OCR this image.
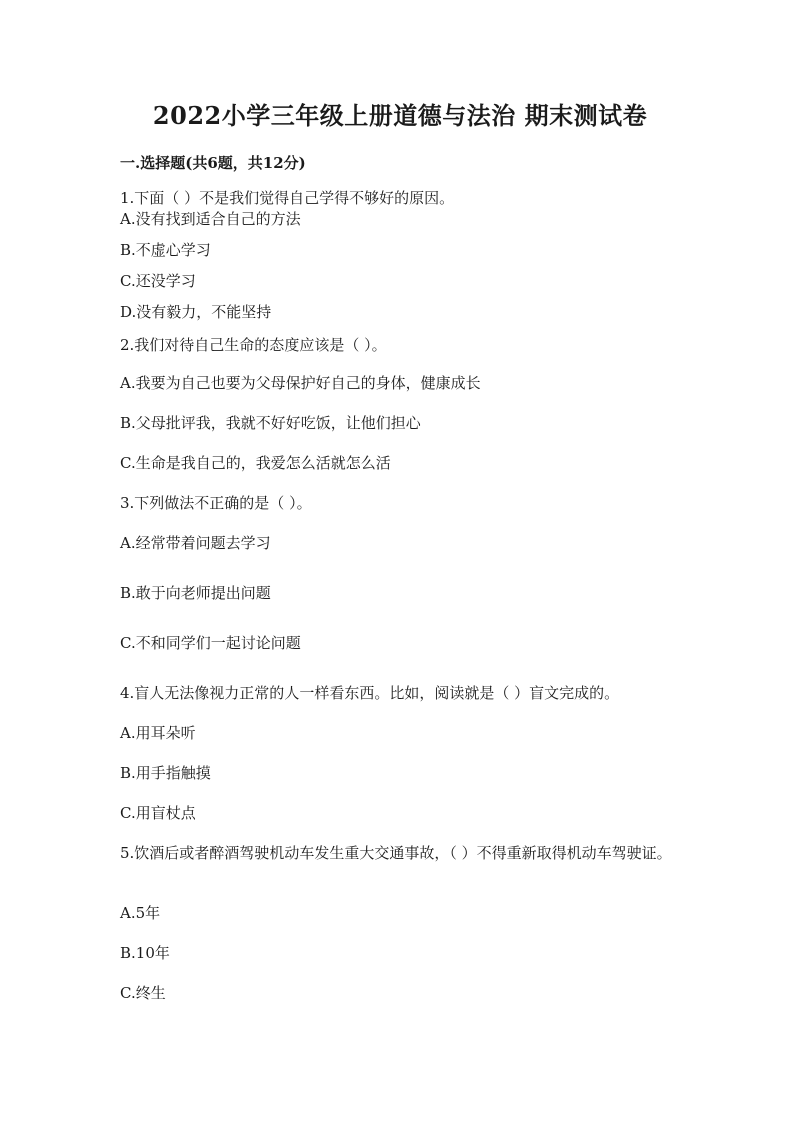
2022小学三年级上册道德与法治 期末测试卷
一.选择题(共6题，共12分)
1.下面（ ）不是我们觉得自己学得不够好的原因。
A.没有找到适合自己的方法
B.不虚心学习
C.还没学习
D.没有毅力，不能坚持
2.我们对待自己生命的态度应该是（ ）。
A.我要为自己也要为父母保护好自己的身体，健康成长
B.父母批评我，我就不好好吃饭，让他们担心
C.生命是我自己的，我爱怎么活就怎么活
3.下列做法不正确的是（ ）。
A.经常带着问题去学习
B.敢于向老师提出问题
C.不和同学们一起讨论问题
4.盲人无法像视力正常的人一样看东西。比如，阅读就是（ ）盲文完成的。
A.用耳朵听
B.用手指触摸
C.用盲杖点
5.饮酒后或者醉酒驾驶机动车发生重大交通事故，（ ）不得重新取得机动车驾驶证。
A.5年
B.10年
C.终生
